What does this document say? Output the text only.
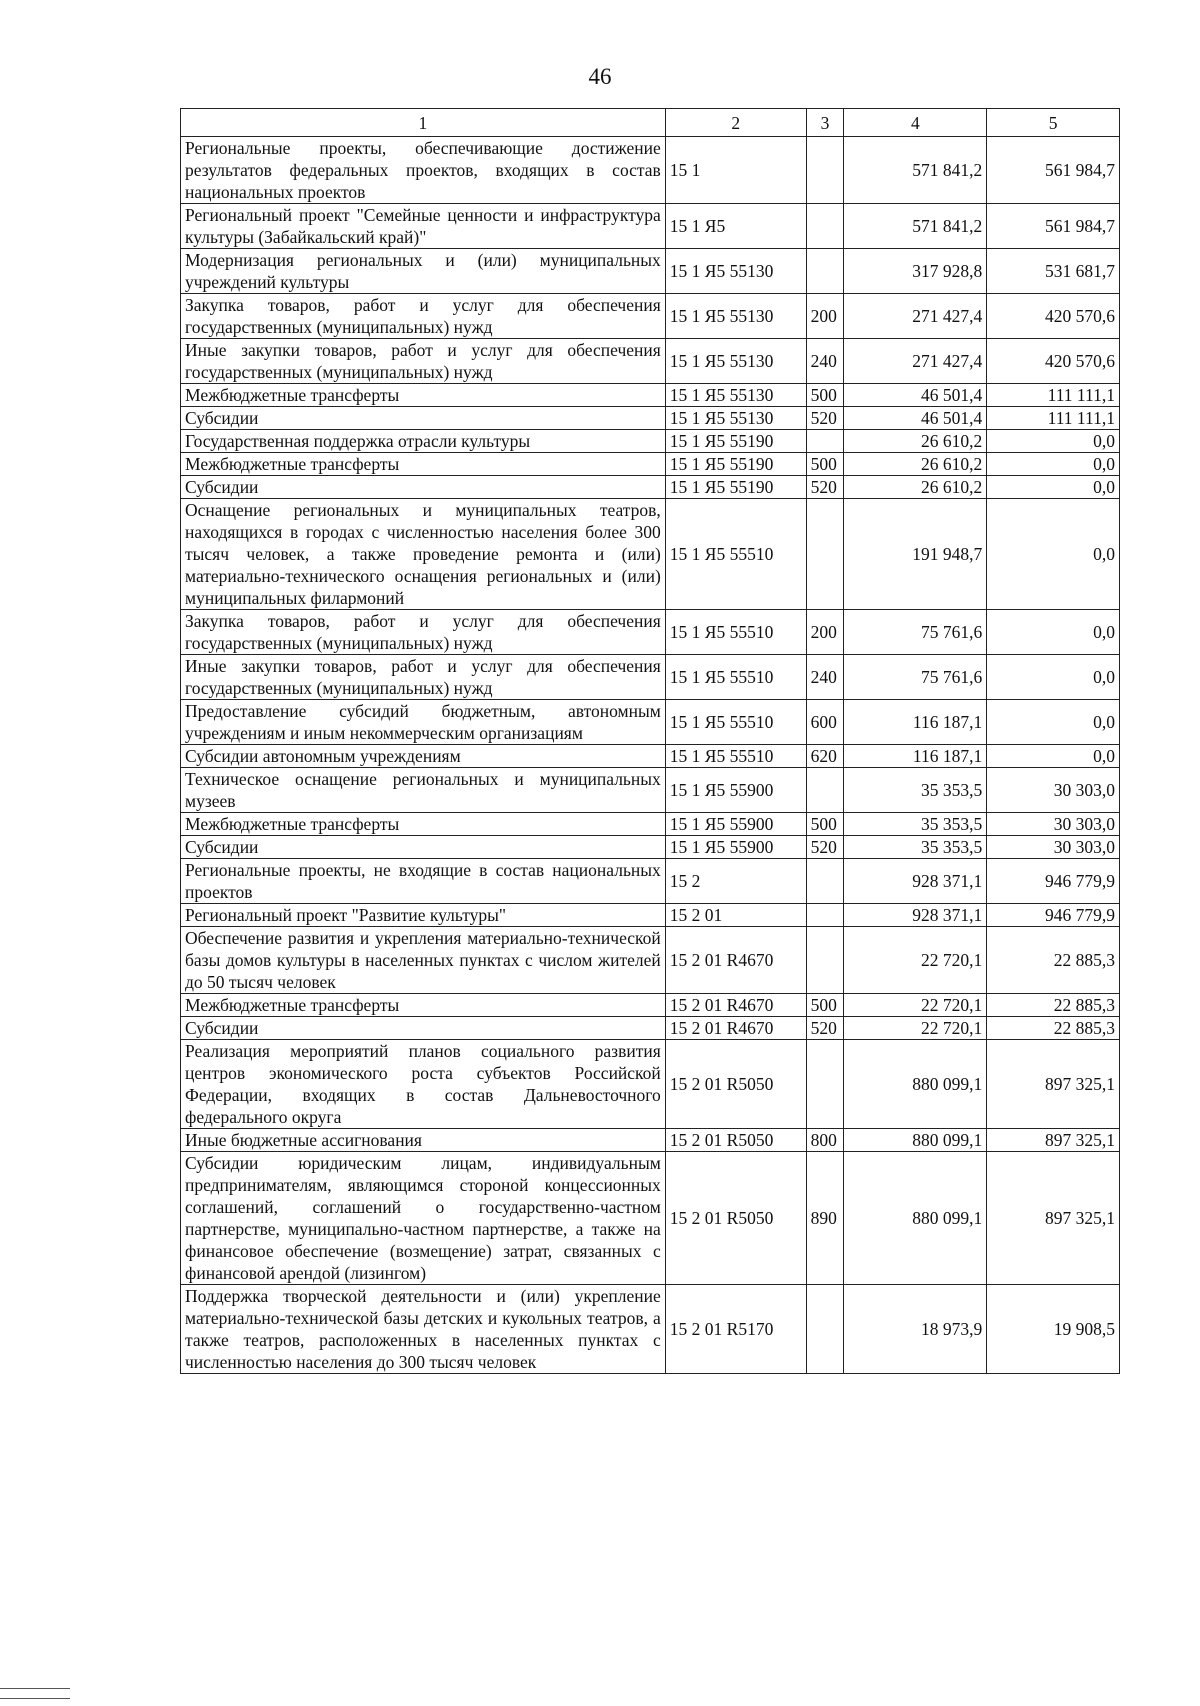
46
1	2	3	4	5
Региональные проекты, обеспечивающие достижение результатов федеральных проектов, входящих в состав национальных проектов	15 1		571 841,2	561 984,7
Региональный проект "Семейные ценности и инфраструктура культуры (Забайкальский край)"	15 1 Я5		571 841,2	561 984,7
Модернизация региональных и (или) муниципальных учреждений культуры	15 1 Я5 55130		317 928,8	531 681,7
Закупка товаров, работ и услуг для обеспечения государственных (муниципальных) нужд	15 1 Я5 55130	200	271 427,4	420 570,6
Иные закупки товаров, работ и услуг для обеспечения государственных (муниципальных) нужд	15 1 Я5 55130	240	271 427,4	420 570,6
Межбюджетные трансферты	15 1 Я5 55130	500	46 501,4	111 111,1
Субсидии	15 1 Я5 55130	520	46 501,4	111 111,1
Государственная поддержка отрасли культуры	15 1 Я5 55190		26 610,2	0,0
Межбюджетные трансферты	15 1 Я5 55190	500	26 610,2	0,0
Субсидии	15 1 Я5 55190	520	26 610,2	0,0
Оснащение региональных и муниципальных театров, находящихся в городах с численностью населения более 300 тысяч человек, а также проведение ремонта и (или) материально-технического оснащения региональных и (или) муниципальных филармоний	15 1 Я5 55510		191 948,7	0,0
Закупка товаров, работ и услуг для обеспечения государственных (муниципальных) нужд	15 1 Я5 55510	200	75 761,6	0,0
Иные закупки товаров, работ и услуг для обеспечения государственных (муниципальных) нужд	15 1 Я5 55510	240	75 761,6	0,0
Предоставление субсидий бюджетным, автономным учреждениям и иным некоммерческим организациям	15 1 Я5 55510	600	116 187,1	0,0
Субсидии автономным учреждениям	15 1 Я5 55510	620	116 187,1	0,0
Техническое оснащение региональных и муниципальных музеев	15 1 Я5 55900		35 353,5	30 303,0
Межбюджетные трансферты	15 1 Я5 55900	500	35 353,5	30 303,0
Субсидии	15 1 Я5 55900	520	35 353,5	30 303,0
Региональные проекты, не входящие в состав национальных проектов	15 2		928 371,1	946 779,9
Региональный проект "Развитие культуры"	15 2 01		928 371,1	946 779,9
Обеспечение развития и укрепления материально-технической базы домов культуры в населенных пунктах с числом жителей до 50 тысяч человек	15 2 01 R4670		22 720,1	22 885,3
Межбюджетные трансферты	15 2 01 R4670	500	22 720,1	22 885,3
Субсидии	15 2 01 R4670	520	22 720,1	22 885,3
Реализация мероприятий планов социального развития центров экономического роста субъектов Российской Федерации, входящих в состав Дальневосточного федерального округа	15 2 01 R5050		880 099,1	897 325,1
Иные бюджетные ассигнования	15 2 01 R5050	800	880 099,1	897 325,1
Субсидии юридическим лицам, индивидуальным предпринимателям, являющимся стороной концессионных соглашений, соглашений о государственно-частном партнерстве, муниципально-частном партнерстве, а также на финансовое обеспечение (возмещение) затрат, связанных с финансовой арендой (лизингом)	15 2 01 R5050	890	880 099,1	897 325,1
Поддержка творческой деятельности и (или) укрепление материально-технической базы детских и кукольных театров, а также театров, расположенных в населенных пунктах с численностью населения до 300 тысяч человек	15 2 01 R5170		18 973,9	19 908,5
